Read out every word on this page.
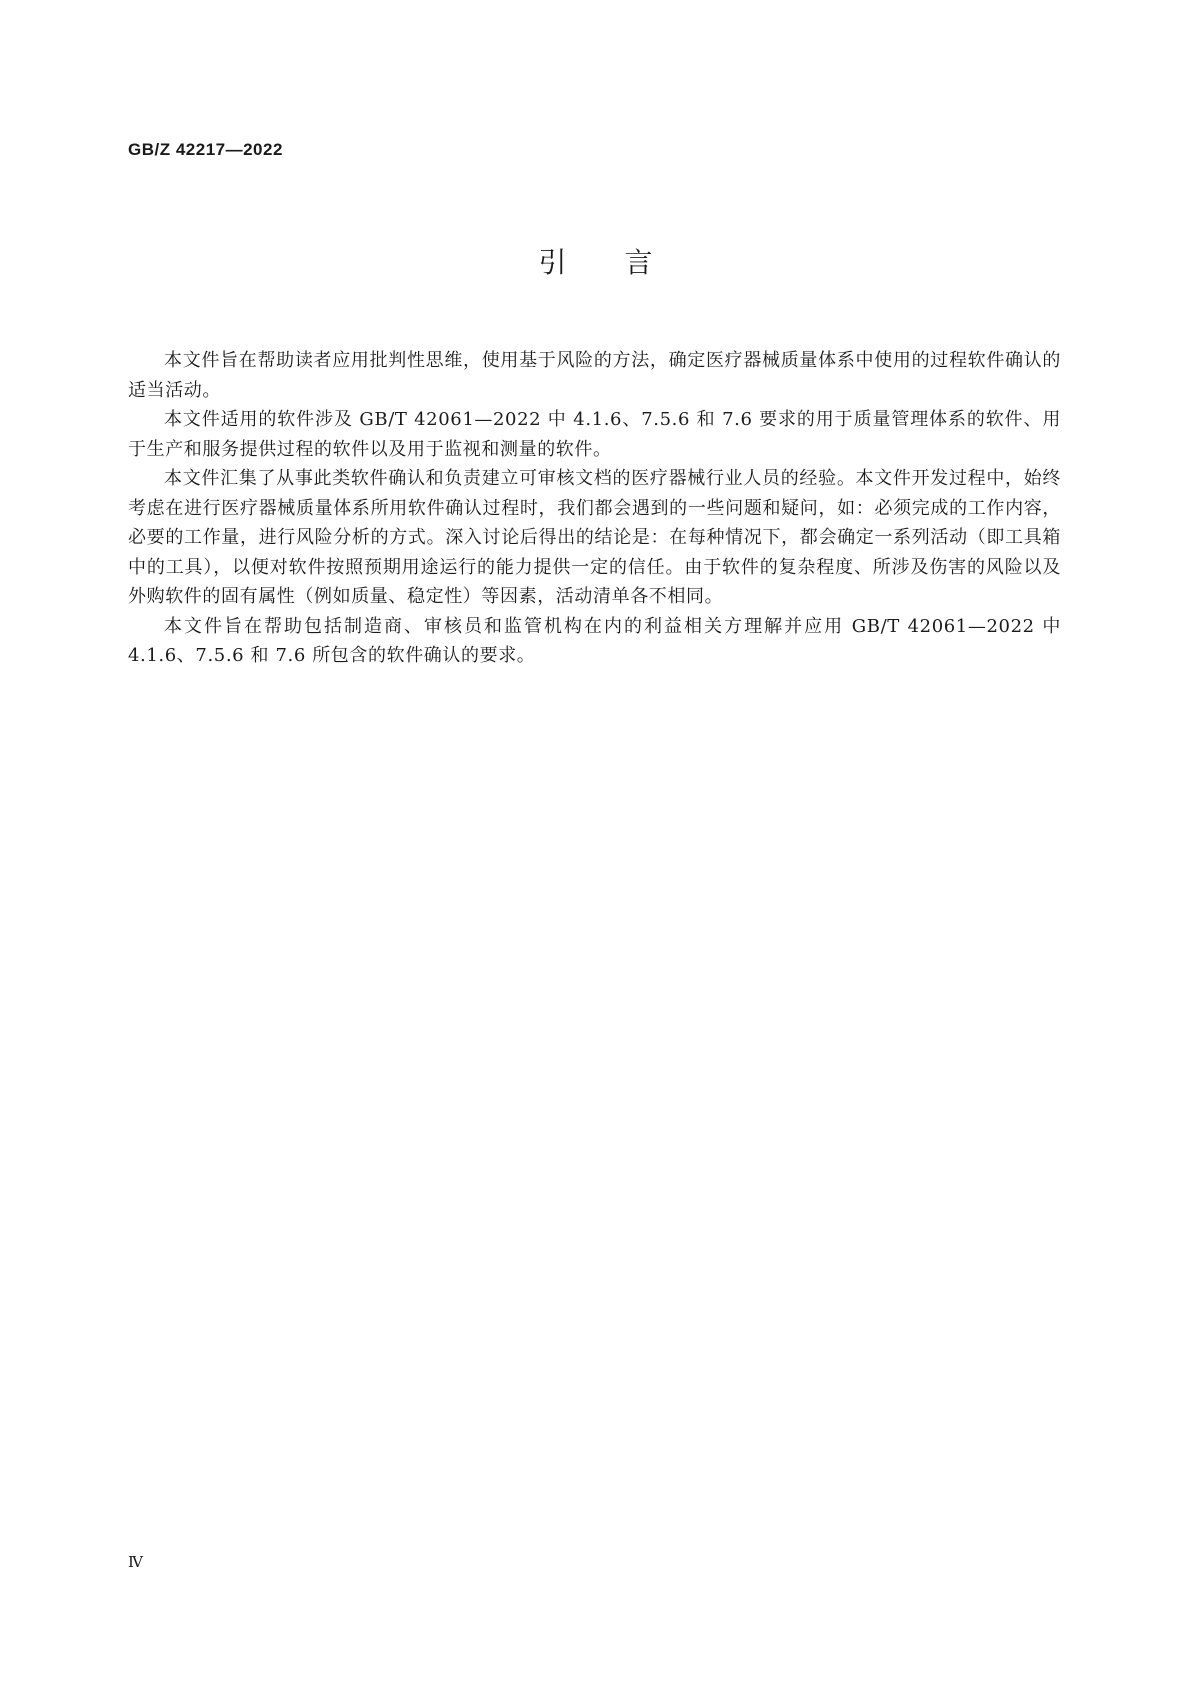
GB/Z 42217—2022
引言

本文件旨在帮助读者应用批判性思维，使用基于风险的方法，确定医疗器械质量体系中使用的过程软件确认的适当活动。

本文件适用的软件涉及 GB/T 42061—2022 中 4.1.6、7.5.6 和 7.6 要求的用于质量管理体系的软件、用于生产和服务提供过程的软件以及用于监视和测量的软件。

本文件汇集了从事此类软件确认和负责建立可审核文档的医疗器械行业人员的经验。本文件开发过程中，始终考虑在进行医疗器械质量体系所用软件确认过程时，我们都会遇到的一些问题和疑问，如：必须完成的工作内容，必要的工作量，进行风险分析的方式。深入讨论后得出的结论是：在每种情况下，都会确定一系列活动（即工具箱中的工具），以便对软件按照预期用途运行的能力提供一定的信任。由于软件的复杂程度、所涉及伤害的风险以及外购软件的固有属性（例如质量、稳定性）等因素，活动清单各不相同。

本文件旨在帮助包括制造商、审核员和监管机构在内的利益相关方理解并应用 GB/T 42061—2022 中 4.1.6、7.5.6 和 7.6 所包含的软件确认的要求。

Ⅳ
